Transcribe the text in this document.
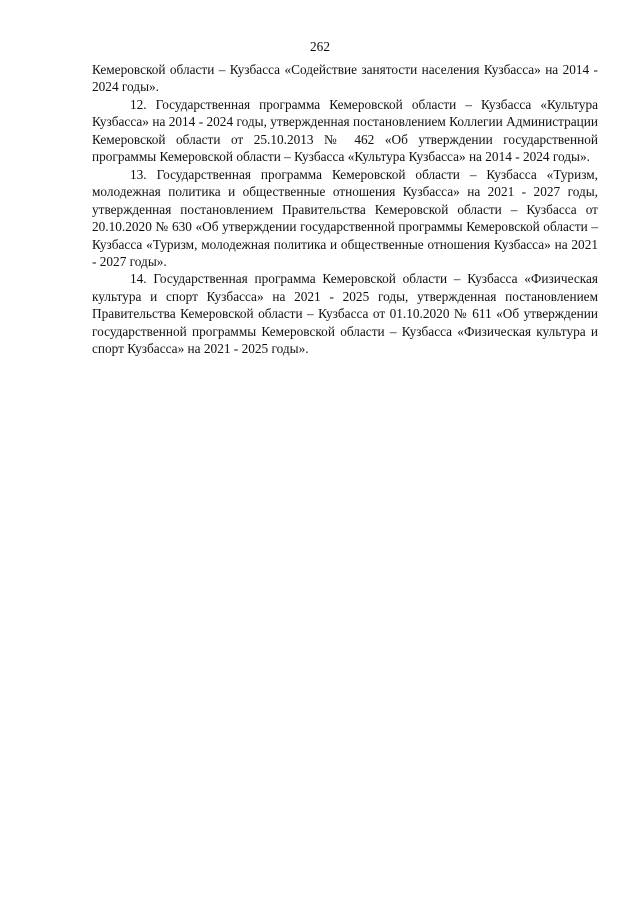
262

Кемеровской области – Кузбасса «Содействие занятости населения Кузбасса» на 2014 - 2024 годы».

12. Государственная программа Кемеровской области – Кузбасса «Культура Кузбасса» на 2014 - 2024 годы, утвержденная постановлением Коллегии Администрации Кемеровской области от 25.10.2013 № 462 «Об утверждении государственной программы Кемеровской области – Кузбасса «Культура Кузбасса» на 2014 - 2024 годы».

13. Государственная программа Кемеровской области – Кузбасса «Туризм, молодежная политика и общественные отношения Кузбасса» на 2021 - 2027 годы, утвержденная постановлением Правительства Кемеровской области – Кузбасса от 20.10.2020 № 630 «Об утверждении государственной программы Кемеровской области – Кузбасса «Туризм, молодежная политика и общественные отношения Кузбасса» на 2021 - 2027 годы».

14. Государственная программа Кемеровской области – Кузбасса «Физическая культура и спорт Кузбасса» на 2021 - 2025 годы, утвержденная постановлением Правительства Кемеровской области – Кузбасса от 01.10.2020 № 611 «Об утверждении государственной программы Кемеровской области – Кузбасса «Физическая культура и спорт Кузбасса» на 2021 - 2025 годы».
